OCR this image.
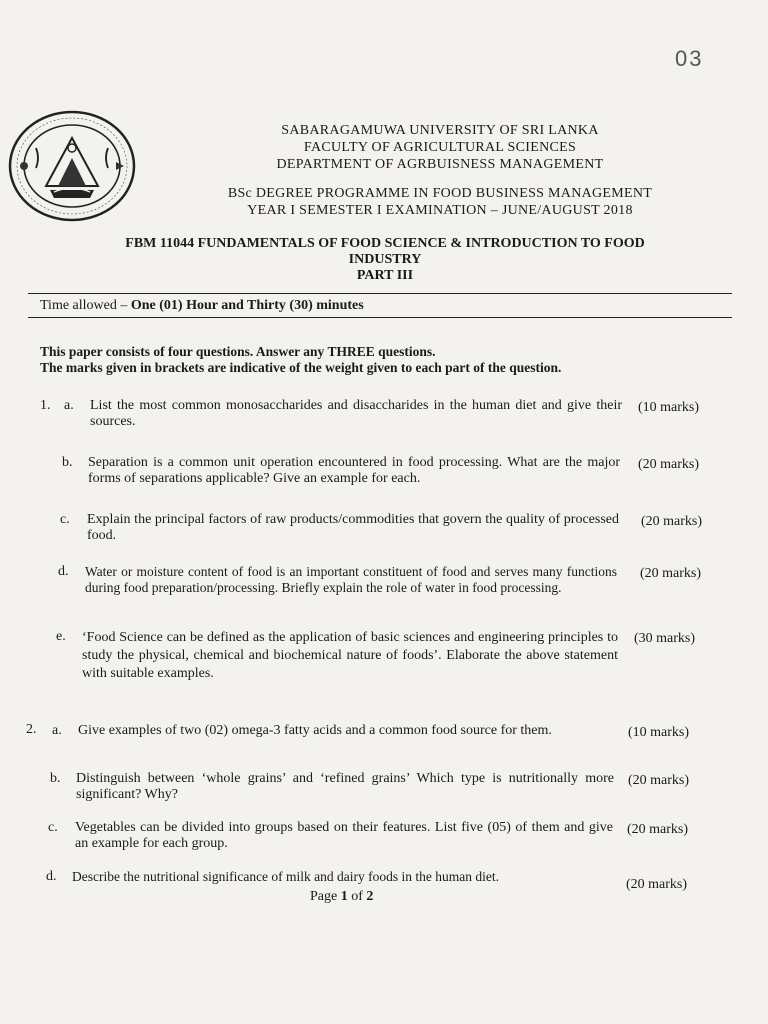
03
SABARAGAMUWA UNIVERSITY OF SRI LANKA
FACULTY OF AGRICULTURAL SCIENCES
DEPARTMENT OF AGRBUISNESS MANAGEMENT
BSc DEGREE PROGRAMME IN FOOD BUSINESS MANAGEMENT
YEAR I SEMESTER I EXAMINATION – JUNE/AUGUST 2018
FBM 11044 FUNDAMENTALS OF FOOD SCIENCE & INTRODUCTION TO FOOD
INDUSTRY
PART III
Time allowed – One (01) Hour and Thirty (30) minutes
This paper consists of four questions. Answer any THREE questions.
The marks given in brackets are indicative of the weight given to each part of the question.
1. a. List the most common monosaccharides and disaccharides in the human diet and give their sources.
(10 marks)
b. Separation is a common unit operation encountered in food processing. What are the major forms of separations applicable? Give an example for each.
(20 marks)
c. Explain the principal factors of raw products/commodities that govern the quality of processed food.
(20 marks)
d. Water or moisture content of food is an important constituent of food and serves many functions during food preparation/processing. Briefly explain the role of water in food processing.
(20 marks)
e. ‘Food Science can be defined as the application of basic sciences and engineering principles to study the physical, chemical and biochemical nature of foods’. Elaborate the above statement with suitable examples.
(30 marks)
2. a. Give examples of two (02) omega-3 fatty acids and a common food source for them.	(10 marks)
b. Distinguish between ‘whole grains’ and ‘refined grains’ Which type is nutritionally more significant? Why?
(20 marks)
c. Vegetables can be divided into groups based on their features. List five (05) of them and give an example for each group.
(20 marks)
d. Describe the nutritional significance of milk and dairy foods in the human diet.
(20 marks)
Page 1 of 2
